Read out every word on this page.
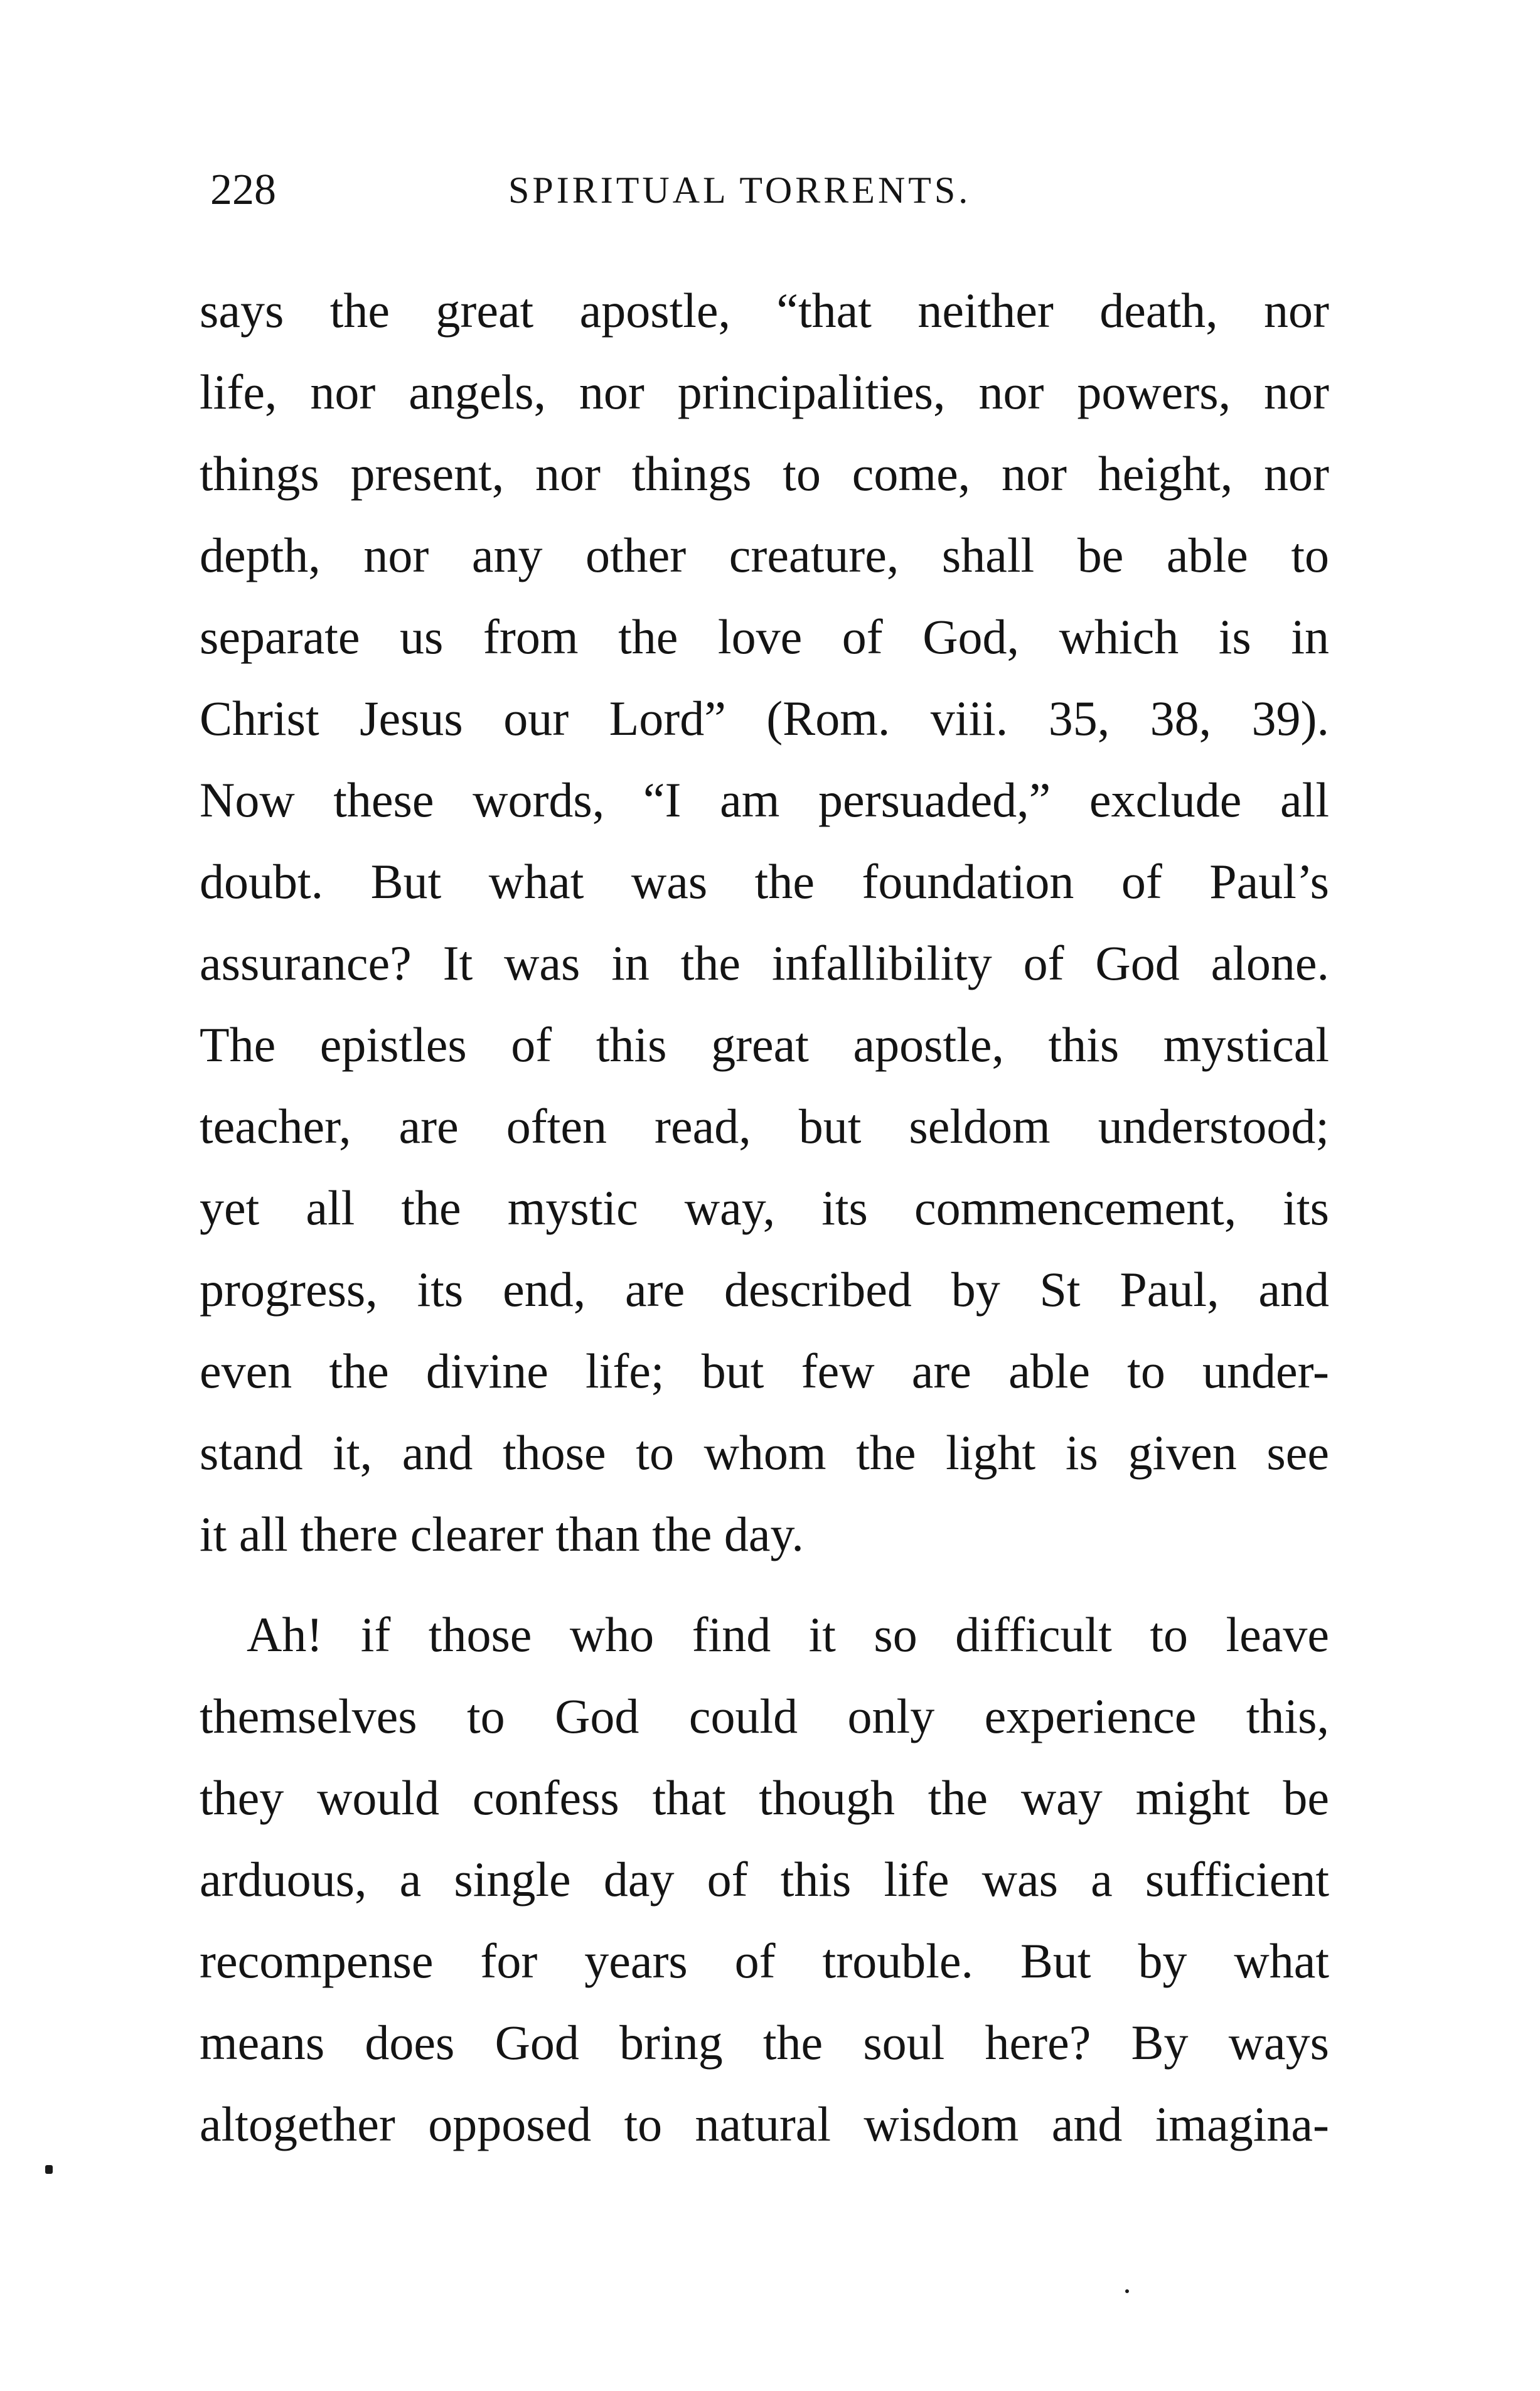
228	SPIRITUAL TORRENTS.
says the great apostle, “that neither death, nor
life, nor angels, nor principalities, nor powers, nor
things present, nor things to come, nor height, nor
depth, nor any other creature, shall be able to
separate us from the love of God, which is in
Christ Jesus our Lord” (Rom. viii. 35, 38, 39).
Now these words, “I am persuaded,” exclude all
doubt. But what was the foundation of Paul’s
assurance? It was in the infallibility of God alone.
The epistles of this great apostle, this mystical
teacher, are often read, but seldom understood;
yet all the mystic way, its commencement, its
progress, its end, are described by St Paul, and
even the divine life; but few are able to under-
stand it, and those to whom the light is given see
it all there clearer than the day.
Ah! if those who find it so difficult to leave
themselves to God could only experience this,
they would confess that though the way might be
arduous, a single day of this life was a sufficient
recompense for years of trouble. But by what
means does God bring the soul here? By ways
altogether opposed to natural wisdom and imagina-
